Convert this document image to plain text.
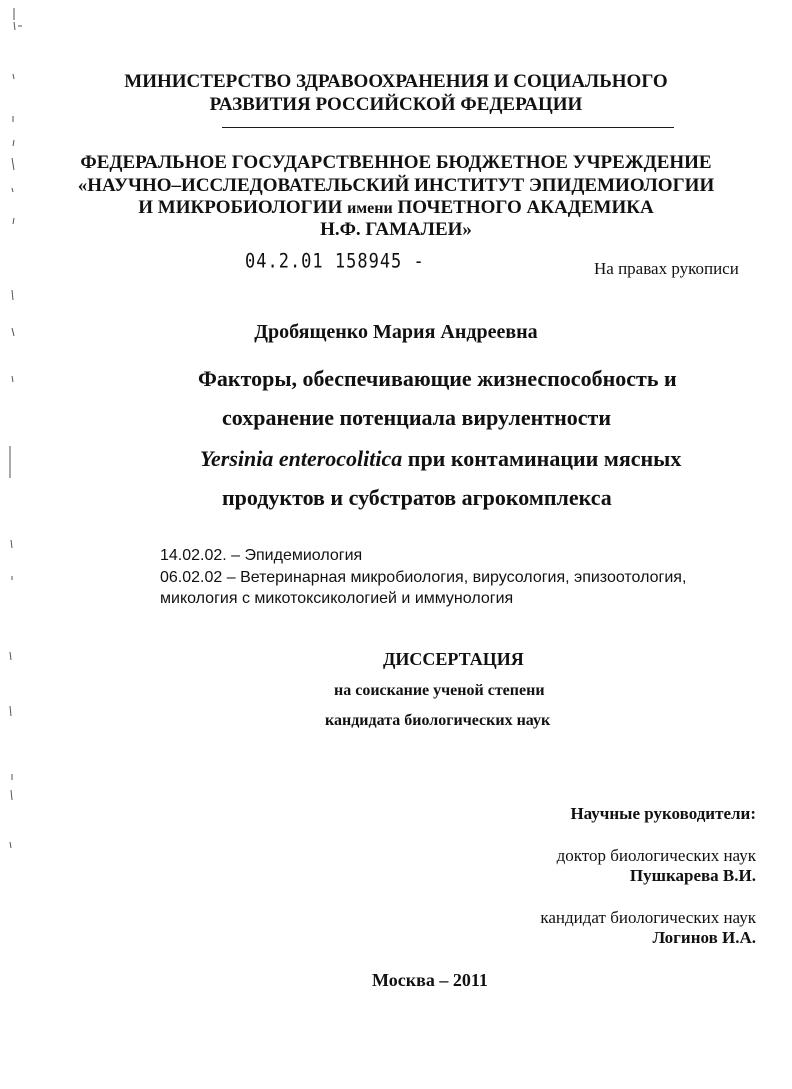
МИНИСТЕРСТВО ЗДРАВООХРАНЕНИЯ И СОЦИАЛЬНОГО
РАЗВИТИЯ РОССИЙСКОЙ ФЕДЕРАЦИИ
ФЕДЕРАЛЬНОЕ ГОСУДАРСТВЕННОЕ БЮДЖЕТНОЕ УЧРЕЖДЕНИЕ
«НАУЧНО–ИССЛЕДОВАТЕЛЬСКИЙ ИНСТИТУТ ЭПИДЕМИОЛОГИИ
И МИКРОБИОЛОГИИ имени ПОЧЕТНОГО АКАДЕМИКА
Н.Ф. ГАМАЛЕИ»
04.2.01 158945 -	На правах рукописи
Дробященко Мария Андреевна
Факторы, обеспечивающие жизнеспособность и
сохранение потенциала вирулентности
Yersinia enterocolitica при контаминации мясных
продуктов и субстратов агрокомплекса
14.02.02. – Эпидемиология
06.02.02 – Ветеринарная микробиология, вирусология, эпизоотология,
микология с микотоксикологией и иммунология
ДИССЕРТАЦИЯ
на соискание ученой степени
кандидата биологических наук
Научные руководители:
доктор биологических наук
Пушкарева В.И.
кандидат биологических наук
Логинов И.А.
Москва – 2011
